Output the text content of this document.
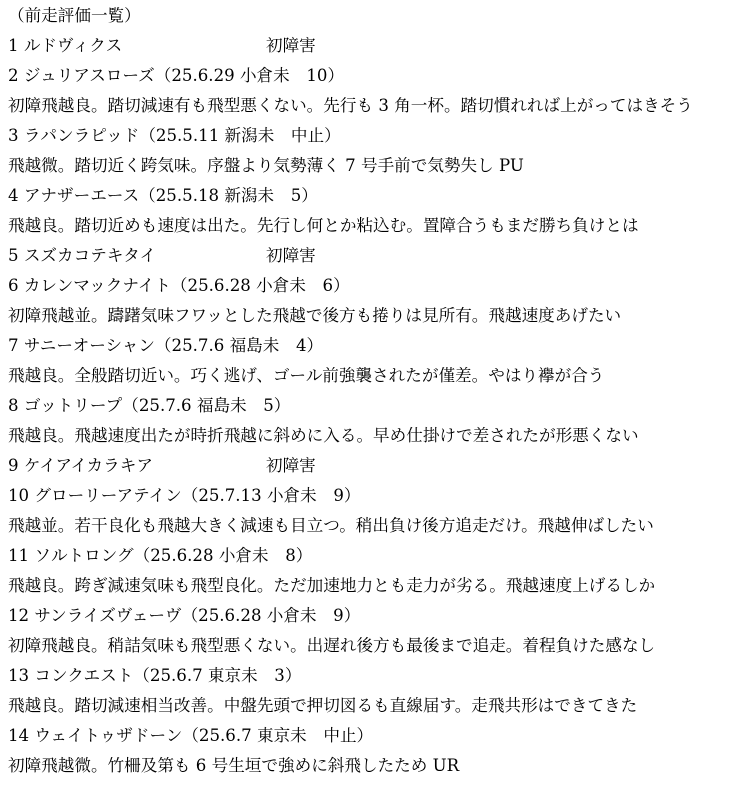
（前走評価一覧）
1 ルドヴィクス	初障害
2 ジュリアスローズ（25.6.29 小倉未　10）
初障飛越良。踏切減速有も飛型悪くない。先行も 3 角一杯。踏切慣れれば上がってはきそう
3 ラパンラピッド（25.5.11 新潟未　中止）
飛越微。踏切近く跨気味。序盤より気勢薄く 7 号手前で気勢失し PU
4 アナザーエース（25.5.18 新潟未　5）
飛越良。踏切近めも速度は出た。先行し何とか粘込む。置障合うもまだ勝ち負けとは
5 スズカコテキタイ	初障害
6 カレンマックナイト（25.6.28 小倉未　6）
初障飛越並。躊躇気味フワッとした飛越で後方も捲りは見所有。飛越速度あげたい
7 サニーオーシャン（25.7.6 福島未　4）
飛越良。全般踏切近い。巧く逃げ、ゴール前強襲されたが僅差。やはり襷が合う
8 ゴットリープ（25.7.6 福島未　5）
飛越良。飛越速度出たが時折飛越に斜めに入る。早め仕掛けで差されたが形悪くない
9 ケイアイカラキア	初障害
10 グローリーアテイン（25.7.13 小倉未　9）
飛越並。若干良化も飛越大きく減速も目立つ。稍出負け後方追走だけ。飛越伸ばしたい
11 ソルトロング（25.6.28 小倉未　8）
飛越良。跨ぎ減速気味も飛型良化。ただ加速地力とも走力が劣る。飛越速度上げるしか
12 サンライズヴェーヴ（25.6.28 小倉未　9）
初障飛越良。稍詰気味も飛型悪くない。出遅れ後方も最後まで追走。着程負けた感なし
13 コンクエスト（25.6.7 東京未　3）
飛越良。踏切減速相当改善。中盤先頭で押切図るも直線届す。走飛共形はできてきた
14 ウェイトゥザドーン（25.6.7 東京未　中止）
初障飛越微。竹柵及第も 6 号生垣で強めに斜飛したため UR
